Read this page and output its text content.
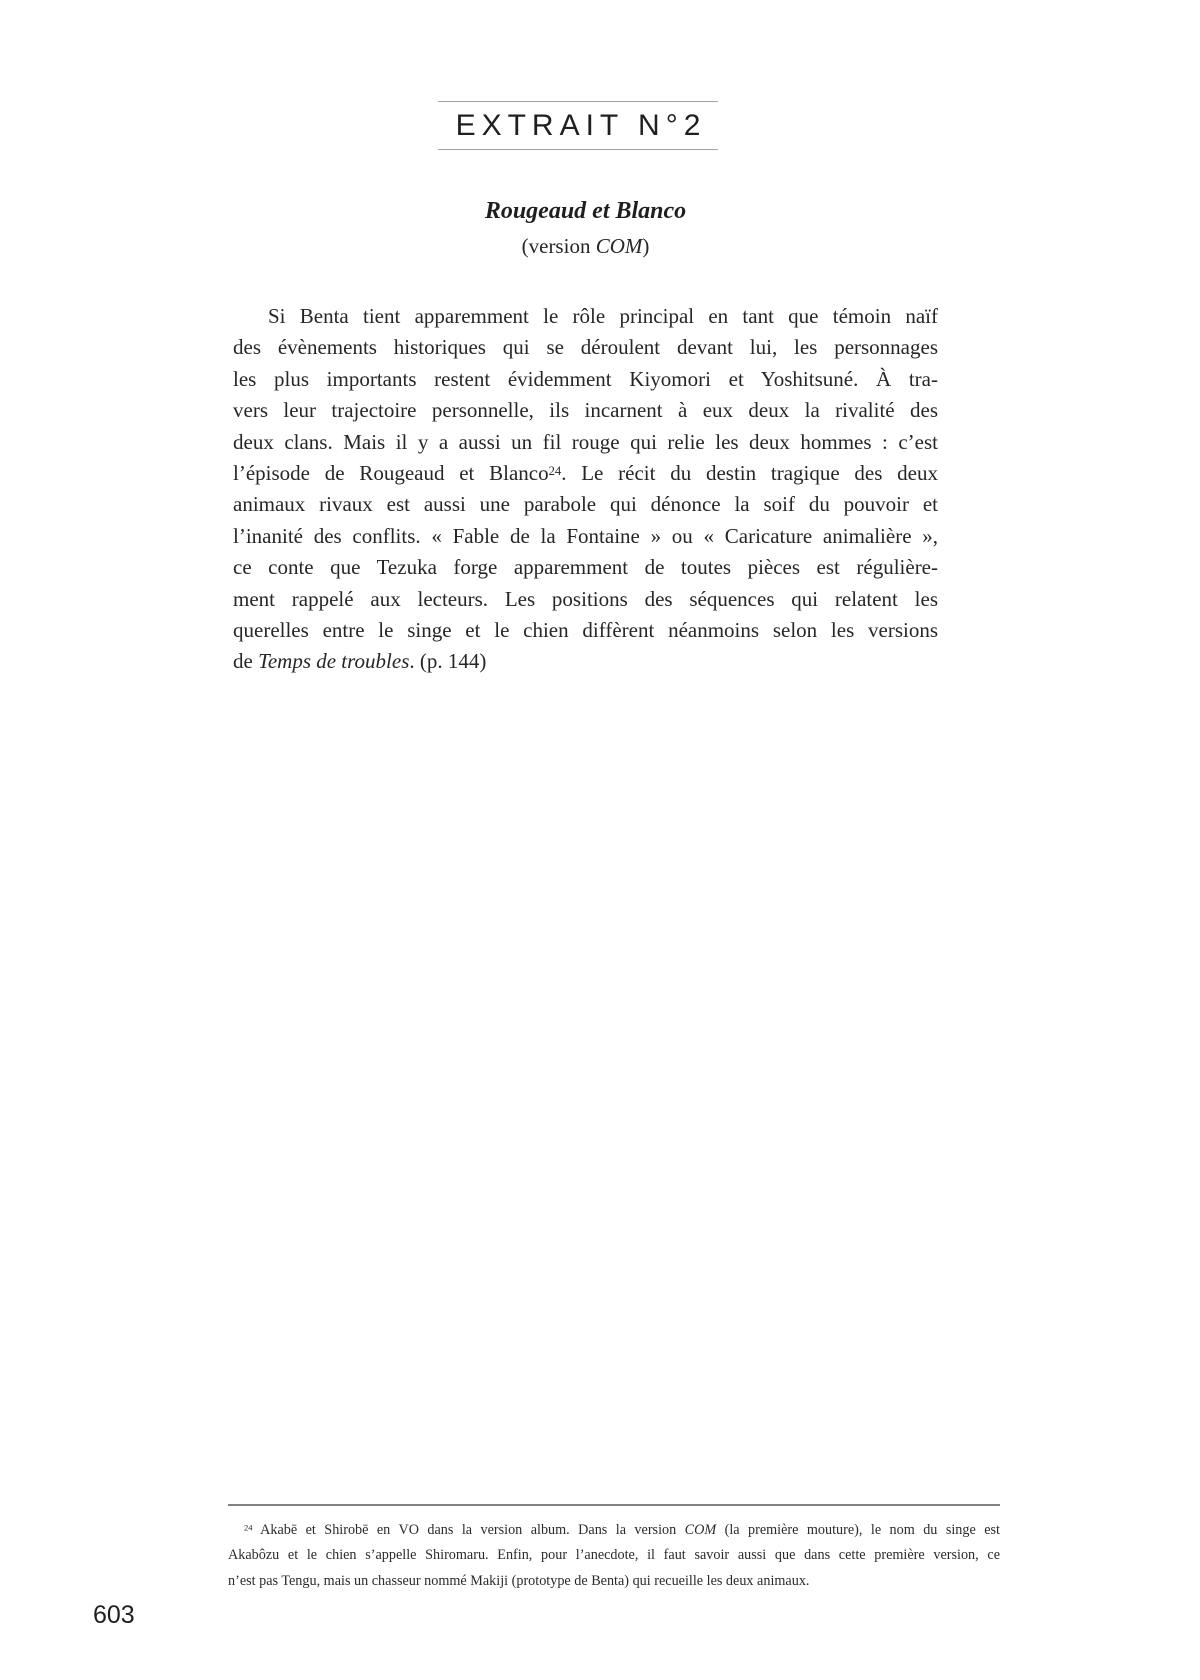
EXTRAIT N°2
Rougeaud et Blanco
(version COM)
Si Benta tient apparemment le rôle principal en tant que témoin naïf
des évènements historiques qui se déroulent devant lui, les personnages
les plus importants restent évidemment Kiyomori et Yoshitsuné. À tra-
vers leur trajectoire personnelle, ils incarnent à eux deux la rivalité des
deux clans. Mais il y a aussi un fil rouge qui relie les deux hommes : c’est
l’épisode de Rougeaud et Blanco$^{24}$. Le récit du destin tragique des deux
animaux rivaux est aussi une parabole qui dénonce la soif du pouvoir et
l’inanité des conflits. « Fable de la Fontaine » ou « Caricature animalière »,
ce conte que Tezuka forge apparemment de toutes pièces est régulière-
ment rappelé aux lecteurs. Les positions des séquences qui relatent les
querelles entre le singe et le chien diffèrent néanmoins selon les versions
de Temps de troubles. (p. 144)
$^{24}$ Akabē et Shirobē en VO dans la version album. Dans la version COM (la première mouture), le nom du singe est
Akabôzu et le chien s’appelle Shiromaru. Enfin, pour l’anecdote, il faut savoir aussi que dans cette première version, ce
n’est pas Tengu, mais un chasseur nommé Makiji (prototype de Benta) qui recueille les deux animaux.
603
